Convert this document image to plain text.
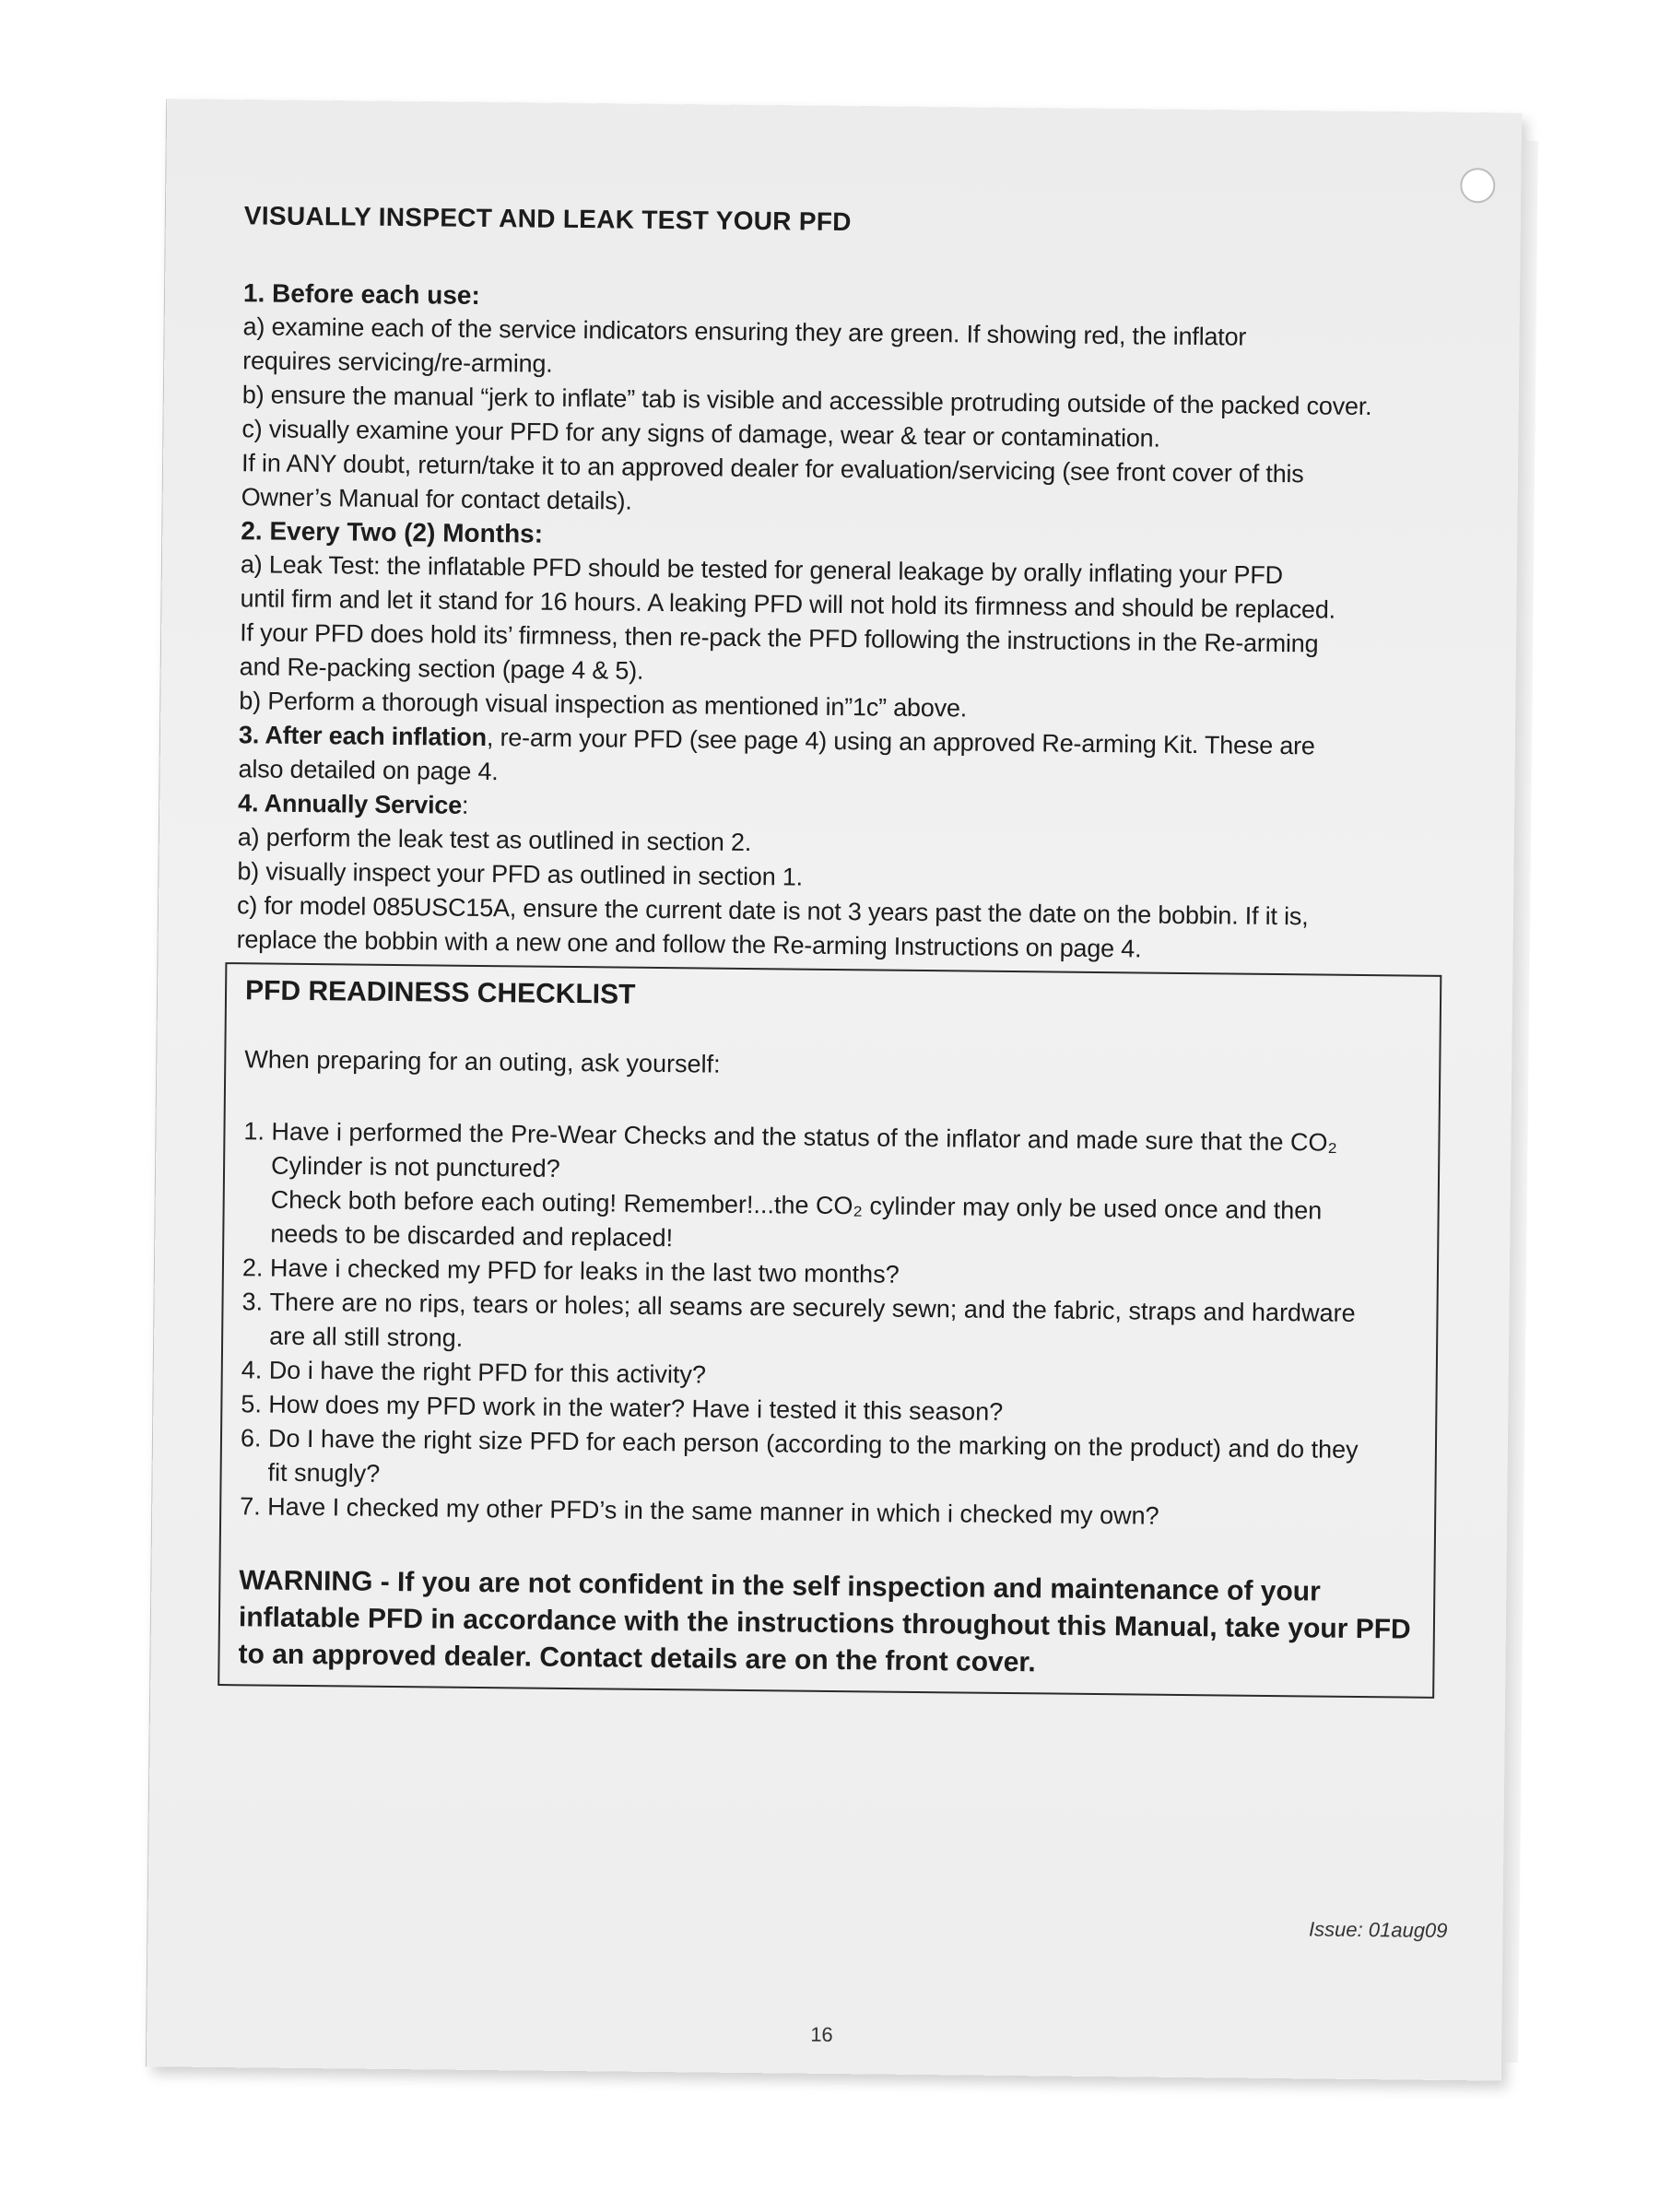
VISUALLY INSPECT AND LEAK TEST YOUR PFD

1. Before each use:

a) examine each of the service indicators ensuring they are green. If showing red, the inflator

requires servicing/re-arming.

b) ensure the manual “jerk to inflate” tab is visible and accessible protruding outside of the packed cover.

c) visually examine your PFD for any signs of damage, wear & tear or contamination.

If in ANY doubt, return/take it to an approved dealer for evaluation/servicing (see front cover of this

Owner’s Manual for contact details).

2. Every Two (2) Months:

a) Leak Test: the inflatable PFD should be tested for general leakage by orally inflating your PFD

until firm and let it stand for 16 hours. A leaking PFD will not hold its firmness and should be replaced.

If your PFD does hold its’ firmness, then re-pack the PFD following the instructions in the Re-arming

and Re-packing section (page 4 & 5).

b) Perform a thorough visual inspection as mentioned in”1c” above.

3. After each inflation, re-arm your PFD (see page 4) using an approved Re-arming Kit. These are

also detailed on page 4.

4. Annually Service:

a) perform the leak test as outlined in section 2.

b) visually inspect your PFD as outlined in section 1.

c) for model 085USC15A, ensure the current date is not 3 years past the date on the bobbin. If it is,

replace the bobbin with a new one and follow the Re-arming Instructions on page 4.

PFD READINESS CHECKLIST

When preparing for an outing, ask yourself:

1. Have i performed the Pre-Wear Checks and the status of the inflator and made sure that the CO₂
Cylinder is not punctured?
Check both before each outing! Remember!...the CO₂ cylinder may only be used once and then
needs to be discarded and replaced!
2. Have i checked my PFD for leaks in the last two months?
3. There are no rips, tears or holes; all seams are securely sewn; and the fabric, straps and hardware
are all still strong.
4. Do i have the right PFD for this activity?
5. How does my PFD work in the water? Have i tested it this season?
6. Do I have the right size PFD for each person (according to the marking on the product) and do they
fit snugly?
7. Have I checked my other PFD’s in the same manner in which i checked my own?

WARNING - If you are not confident in the self inspection and maintenance of your inflatable PFD in accordance with the instructions throughout this Manual, take your PFD to an approved dealer. Contact details are on the front cover.

Issue: 01aug09
16
